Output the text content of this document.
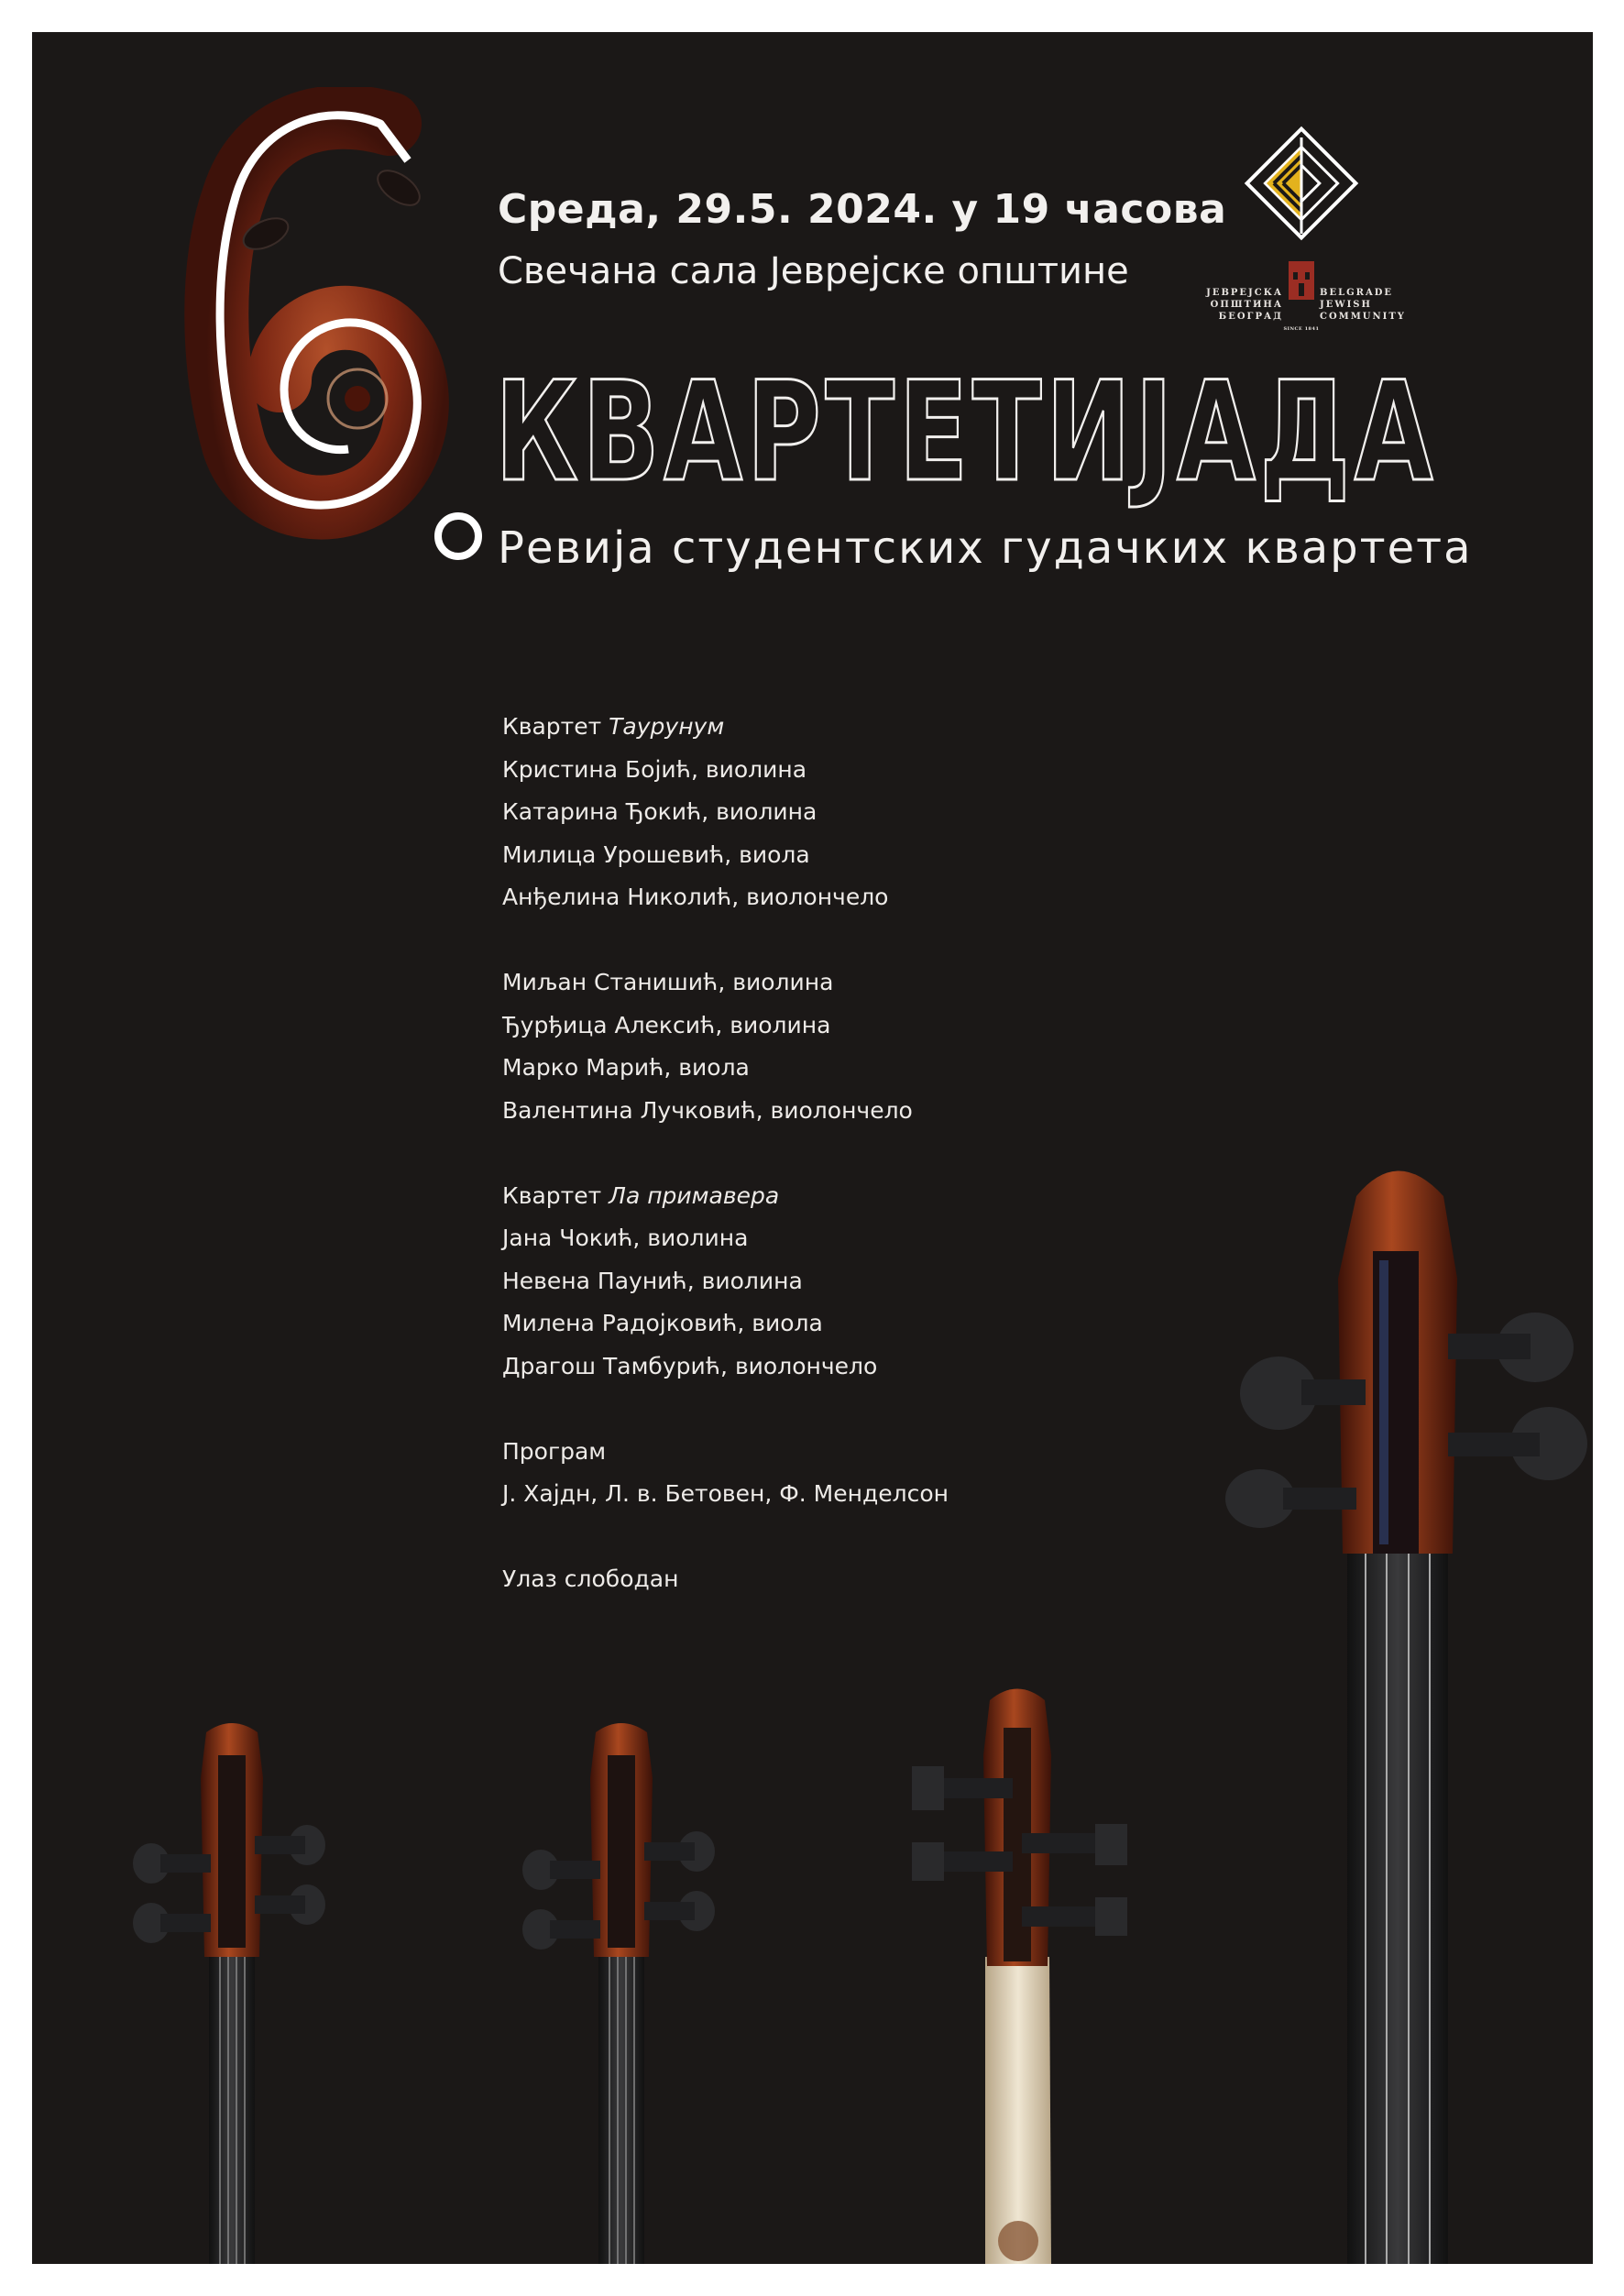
Среда, 29.5. 2024. у 19 часова
Свечана сала Јеврејске општине
КВАРТЕТИЈАДА
Ревија студентских гудачких квартета
ЈЕВРЕЈСКА
ОПШТИНА
БЕОГРАД
BELGRADE
JEWISH
COMMUNITY
SINCE 1841
Квартет Таурунум
Кристина Бојић, виолина
Катарина Ђокић, виолина
Милица Урошевић, виола
Анђелина Николић, виолончело
Миљан Станишић, виолина
Ђурђица Алексић, виолина
Марко Марић, виола
Валентина Лучковић, виолончело
Квартет Ла примавера
Јана Чокић, виолина
Невена Паунић, виолина
Милена Радојковић, виола
Драгош Тамбурић, виолончело
Програм
Ј. Хајдн, Л. в. Бетовен, Ф. Менделсон
Улаз слободан
